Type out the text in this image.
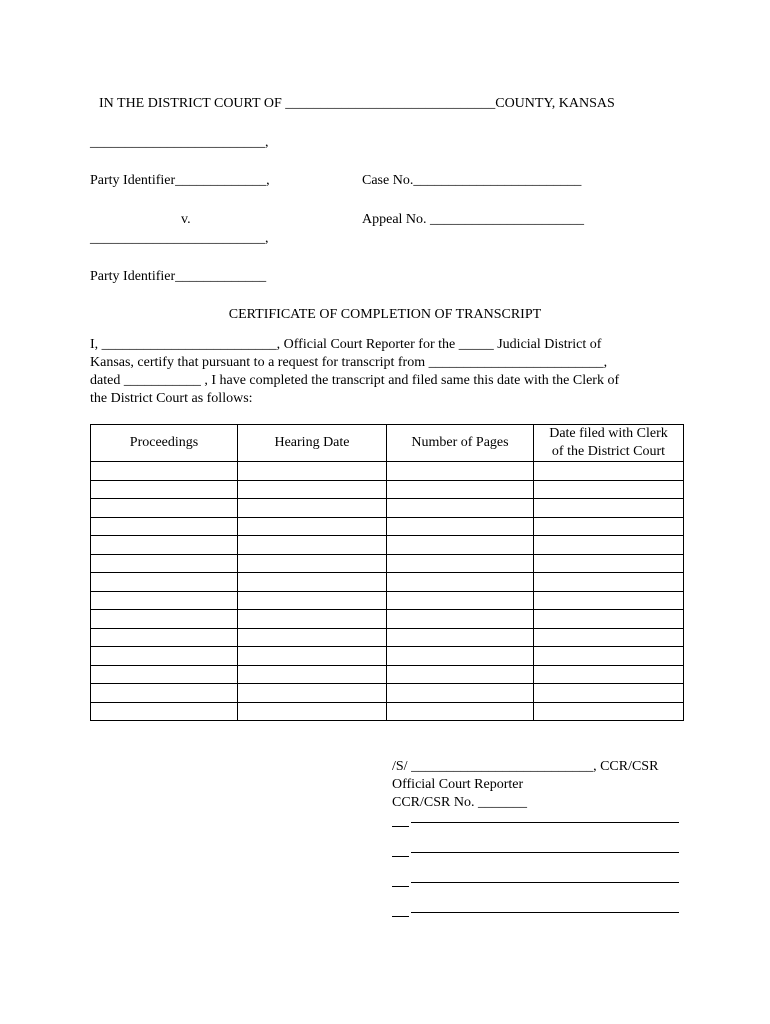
IN THE DISTRICT COURT OF ______________________________COUNTY, KANSAS
_________________________,
Party Identifier_____________,	Case No.________________________
v.	Appeal No. ______________________
_________________________,
Party Identifier_____________
CERTIFICATE OF COMPLETION OF TRANSCRIPT
I, _________________________, Official Court Reporter for the _____ Judicial District of
Kansas, certify that pursuant to a request for transcript from _________________________,
dated ___________ , I have completed the transcript and filed same this date with the Clerk of
the District Court as follows:
Proceedings	Hearing Date	Number of Pages	Date filed with Clerk
of the District Court

/S/ __________________________, CCR/CSR
Official Court Reporter
CCR/CSR No. _______
